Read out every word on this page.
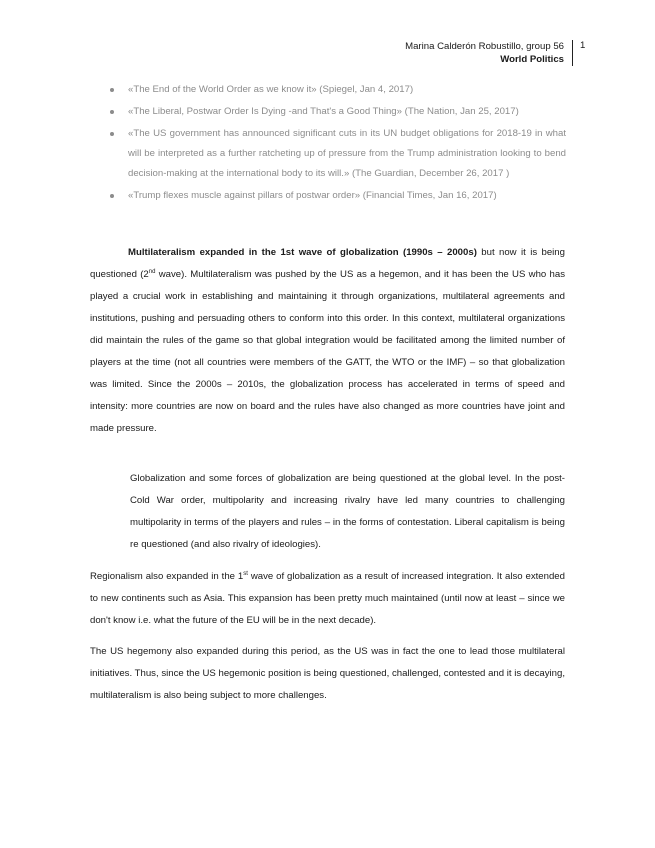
Marina Calderón Robustillo, group 56
World Politics
1
«The End of the World Order as we know it» (Spiegel, Jan 4, 2017)
«The Liberal, Postwar Order Is Dying -and That's a Good Thing» (The Nation, Jan 25, 2017)
«The US government has announced significant cuts in its UN budget obligations for 2018-19 in what will be interpreted as a further ratcheting up of pressure from the Trump administration looking to bend decision-making at the international body to its will.» (The Guardian, December 26, 2017 )
«Trump flexes muscle against pillars of postwar order» (Financial Times, Jan 16, 2017)

Multilateralism expanded in the 1st wave of globalization (1990s – 2000s) but now it is being questioned (2nd wave). Multilateralism was pushed by the US as a hegemon, and it has been the US who has played a crucial work in establishing and maintaining it through organizations, multilateral agreements and institutions, pushing and persuading others to conform into this order. In this context, multilateral organizations did maintain the rules of the game so that global integration would be facilitated among the limited number of players at the time (not all countries were members of the GATT, the WTO or the IMF) – so that globalization was limited. Since the 2000s – 2010s, the globalization process has accelerated in terms of speed and intensity: more countries are now on board and the rules have also changed as more countries have joint and made pressure.

Globalization and some forces of globalization are being questioned at the global level. In the post-Cold War order, multipolarity and increasing rivalry have led many countries to challenging multipolarity in terms of the players and rules – in the forms of contestation. Liberal capitalism is being re questioned (and also rivalry of ideologies).

Regionalism also expanded in the 1st wave of globalization as a result of increased integration. It also extended to new continents such as Asia. This expansion has been pretty much maintained (until now at least – since we don't know i.e. what the future of the EU will be in the next decade).

The US hegemony also expanded during this period, as the US was in fact the one to lead those multilateral initiatives. Thus, since the US hegemonic position is being questioned, challenged, contested and it is decaying, multilateralism is also being subject to more challenges.
